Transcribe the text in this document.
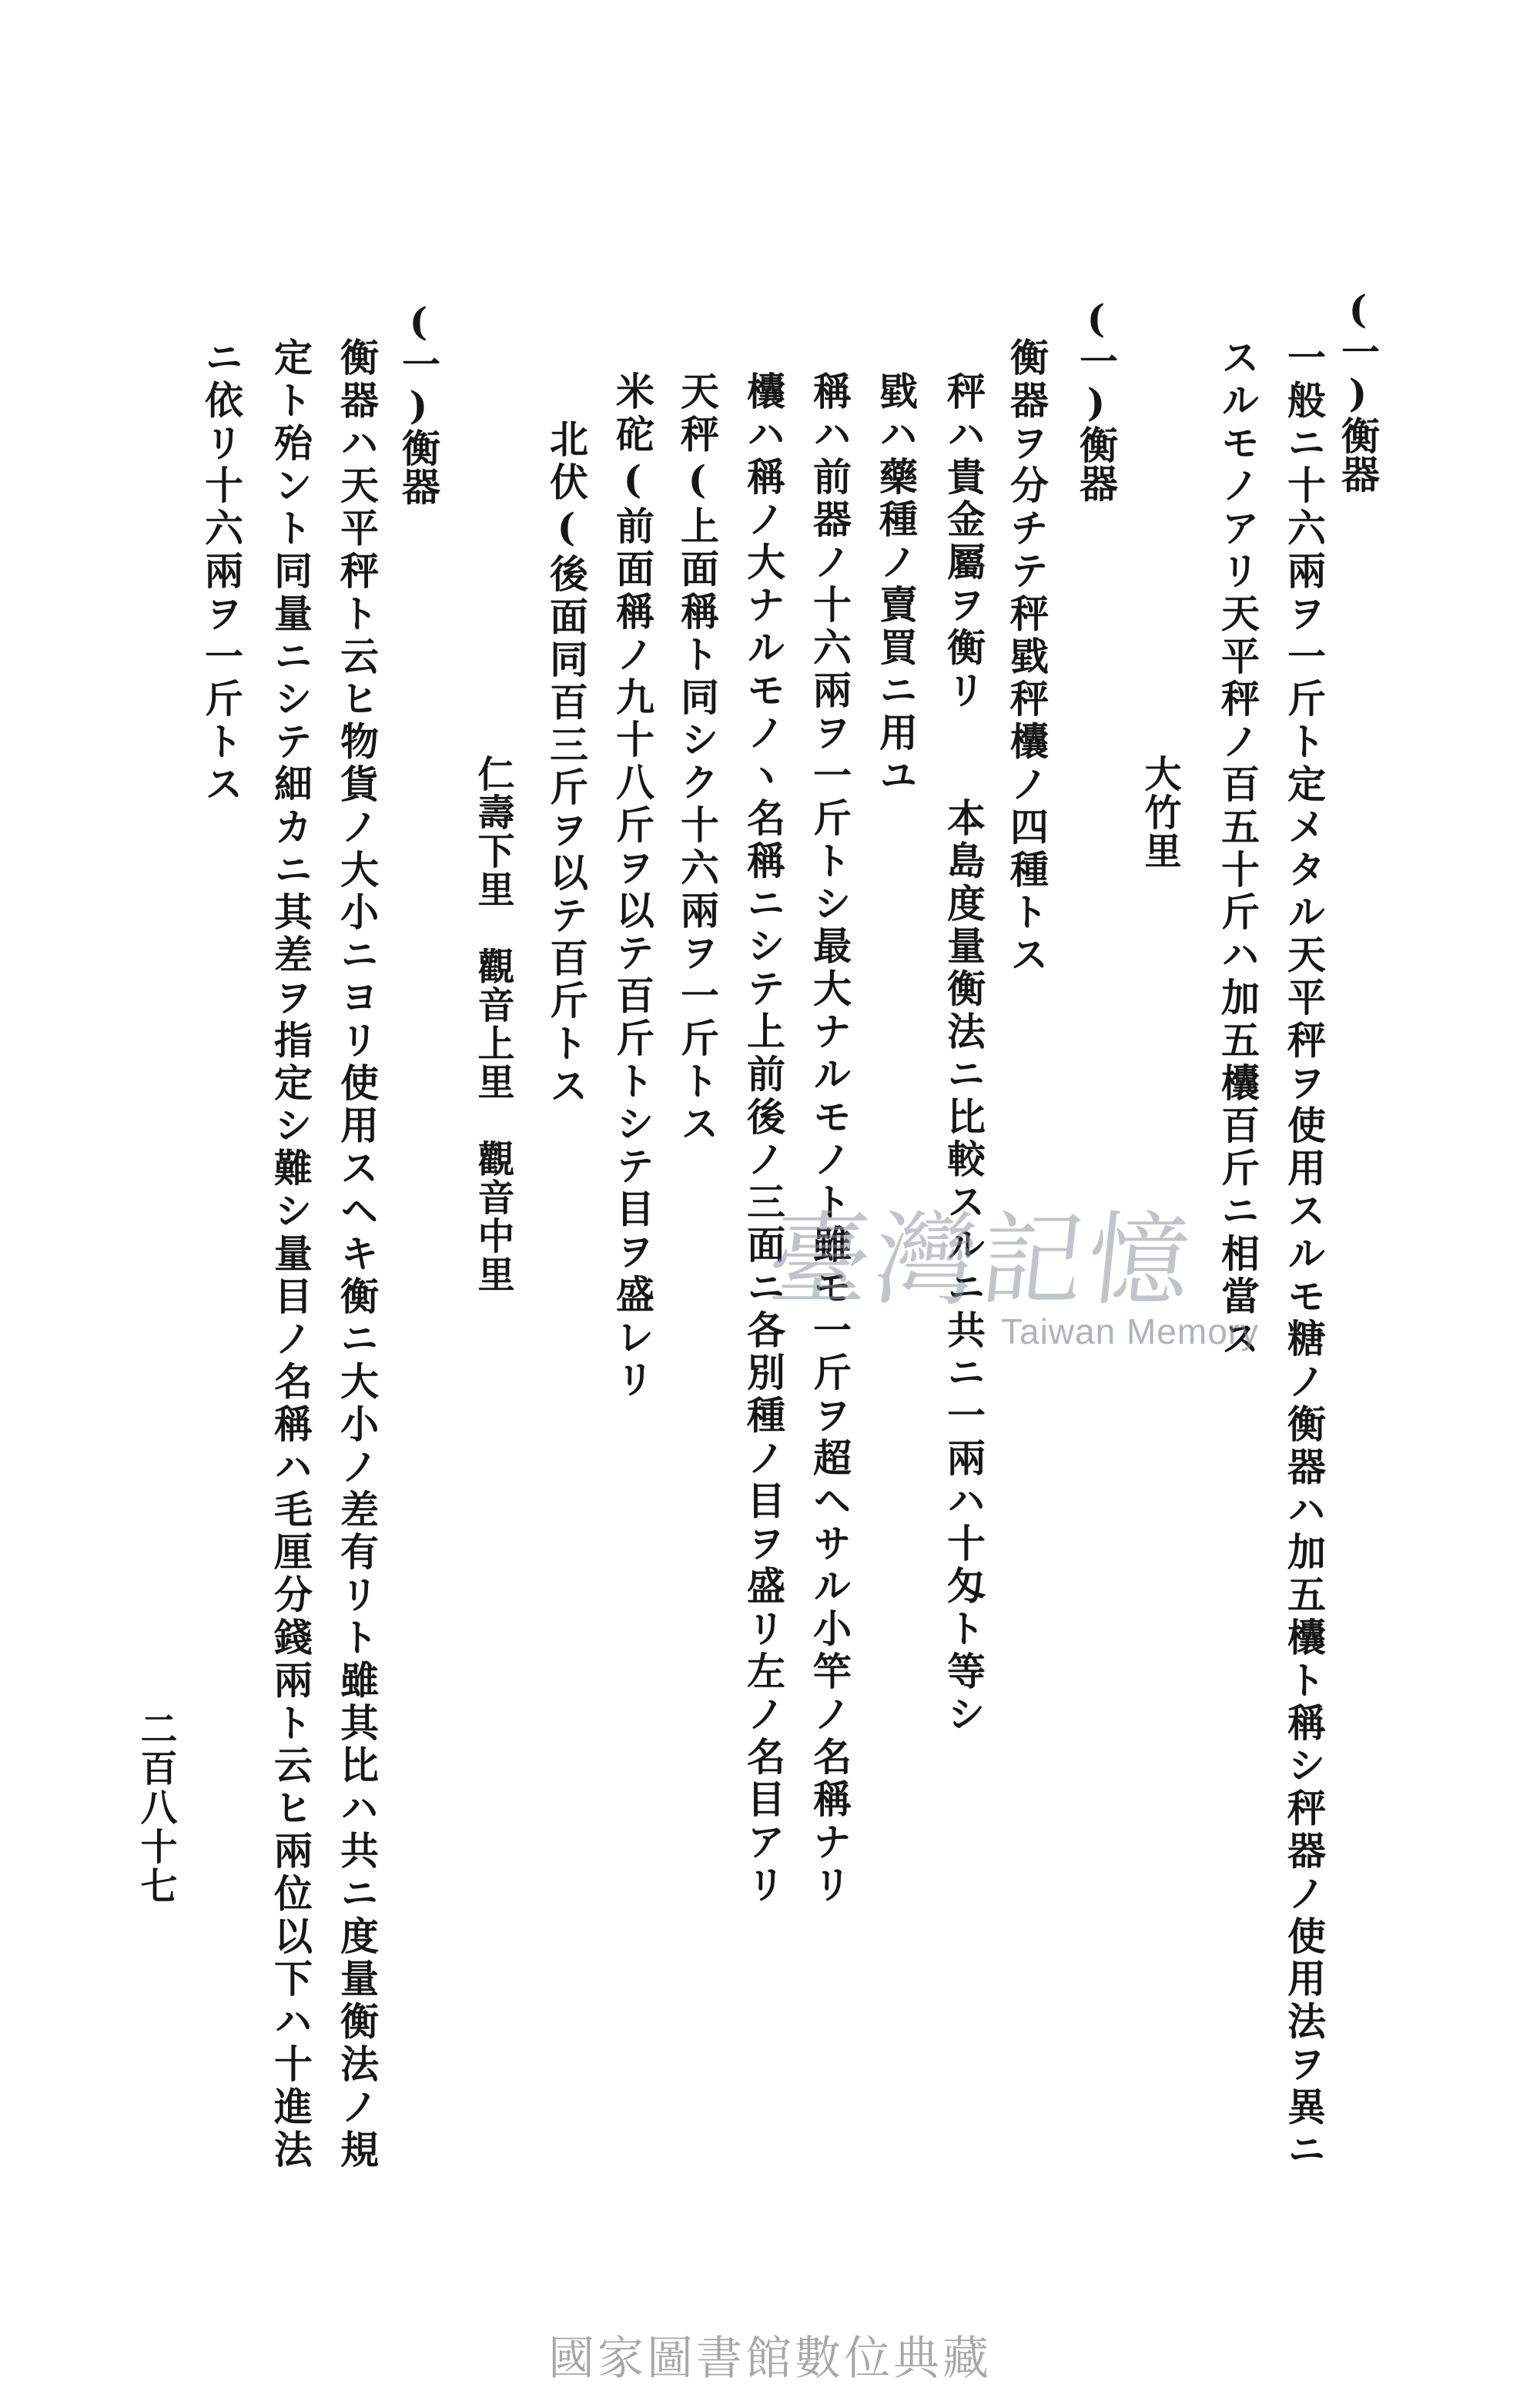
(一)衡器
一般ニ十六兩ヲ一斤ト定メタル天平秤ヲ使用スルモ糖ノ衡器ハ加五欜ト稱シ秤器ノ使用法ヲ異ニ
スルモノアリ天平秤ノ百五十斤ハ加五欜百斤ニ相當ス
大竹里
(一)衡器
衡器ヲ分チテ秤戥秤欜ノ四種トス
秤ハ貴金屬ヲ衡リ　　本島度量衡法ニ比較スルニ共ニ一兩ハ十匁ト等シ
戥ハ藥種ノ賣買ニ用ユ
稱ハ前器ノ十六兩ヲ一斤トシ最大ナルモノト雖モ一斤ヲ超ヘサル小竿ノ名稱ナリ
欜ハ稱ノ大ナルモノヽ名稱ニシテ上前後ノ三面ニ各別種ノ目ヲ盛リ左ノ名目アリ
天秤(上面稱ト同シク十六兩ヲ一斤トス
米砣(前面稱ノ九十八斤ヲ以テ百斤トシテ目ヲ盛レリ
北伏(後面同百三斤ヲ以テ百斤トス
仁壽下里　觀音上里　觀音中里
(一)衡器
衡器ハ天平秤ト云ヒ物貨ノ大小ニヨリ使用スヘキ衡ニ大小ノ差有リト雖其比ハ共ニ度量衡法ノ規
定ト殆ント同量ニシテ細カニ其差ヲ指定シ難シ量目ノ名稱ハ毛厘分錢兩ト云ヒ兩位以下ハ十進法
ニ依リ十六兩ヲ一斤トス
二百八十七
臺灣記憶
Taiwan Memory
國家圖書館數位典藏
